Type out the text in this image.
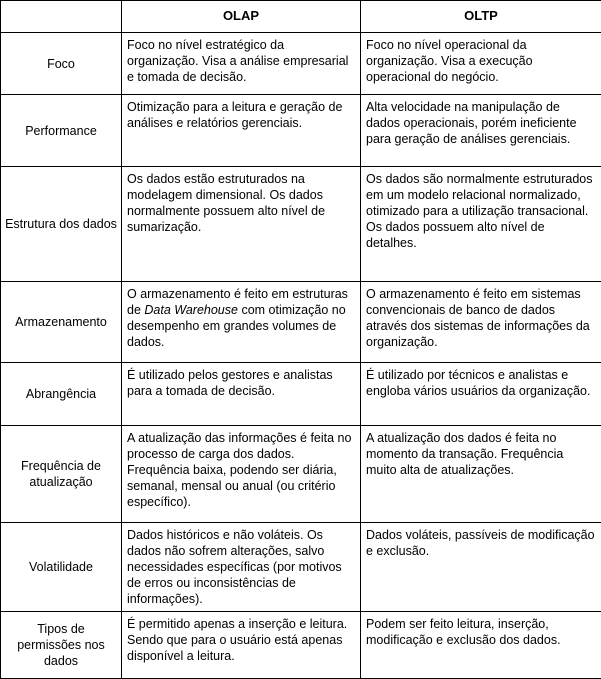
	OLAP	OLTP
Foco	Foco no nível estratégico da organização. Visa a análise empresarial e tomada de decisão.	Foco no nível operacional da organização. Visa a execução operacional do negócio.
Performance	Otimização para a leitura e geração de análises e relatórios gerenciais.	Alta velocidade na manipulação de dados operacionais, porém ineficiente para geração de análises gerenciais.
Estrutura dos dados	Os dados estão estruturados na modelagem dimensional. Os dados normalmente possuem alto nível de sumarização.	Os dados são normalmente estruturados em um modelo relacional normalizado, otimizado para a utilização transacional. Os dados possuem alto nível de detalhes.
Armazenamento	O armazenamento é feito em estruturas de Data Warehouse com otimização no desempenho em grandes volumes de dados.	O armazenamento é feito em sistemas convencionais de banco de dados através dos sistemas de informações da organização.
Abrangência	É utilizado pelos gestores e analistas para a tomada de decisão.	É utilizado por técnicos e analistas e engloba vários usuários da organização.
Frequência de atualização	A atualização das informações é feita no processo de carga dos dados. Frequência baixa, podendo ser diária, semanal, mensal ou anual (ou critério específico).	A atualização dos dados é feita no momento da transação. Frequência muito alta de atualizações.
Volatilidade	Dados históricos e não voláteis. Os dados não sofrem alterações, salvo necessidades específicas (por motivos de erros ou inconsistências de informações).	Dados voláteis, passíveis de modificação e exclusão.
Tipos de permissões nos dados	É permitido apenas a inserção e leitura. Sendo que para o usuário está apenas disponível a leitura.	Podem ser feito leitura, inserção, modificação e exclusão dos dados.
